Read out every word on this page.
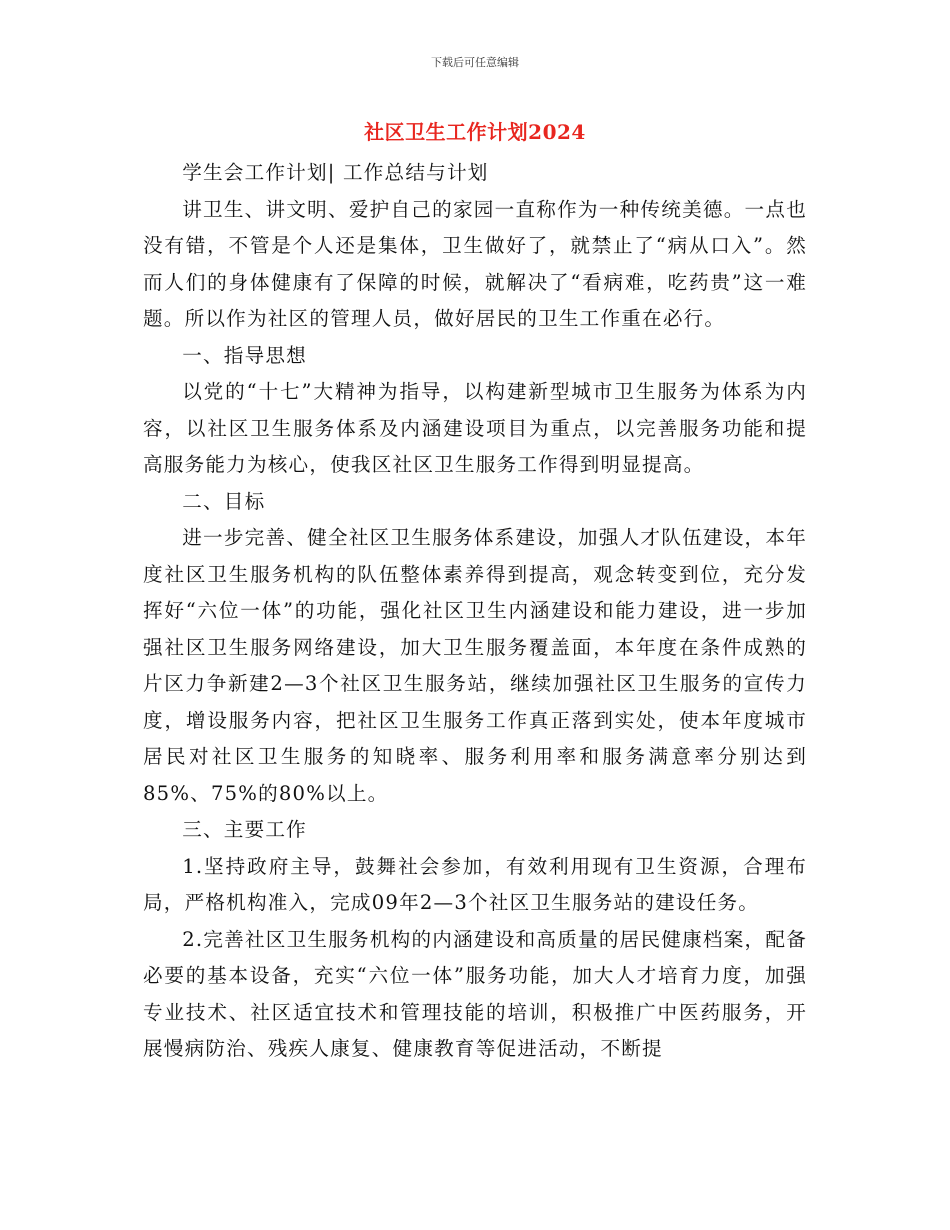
下载后可任意编辑
社区卫生工作计划2024

学生会工作计划| 工作总结与计划

讲卫生、讲文明、爱护自己的家园一直称作为一种传统美德。一点也没有错，不管是个人还是集体，卫生做好了，就禁止了“病从口入”。然而人们的身体健康有了保障的时候，就解决了“看病难，吃药贵”这一难题。所以作为社区的管理人员，做好居民的卫生工作重在必行。

一、指导思想

以党的“十七”大精神为指导，以构建新型城市卫生服务为体系为内容，以社区卫生服务体系及内涵建设项目为重点，以完善服务功能和提高服务能力为核心，使我区社区卫生服务工作得到明显提高。

二、目标

进一步完善、健全社区卫生服务体系建设，加强人才队伍建设，本年度社区卫生服务机构的队伍整体素养得到提高，观念转变到位，充分发挥好“六位一体”的功能，强化社区卫生内涵建设和能力建设，进一步加强社区卫生服务网络建设，加大卫生服务覆盖面，本年度在条件成熟的片区力争新建2—3个社区卫生服务站，继续加强社区卫生服务的宣传力度，增设服务内容，把社区卫生服务工作真正落到实处，使本年度城市居民对社区卫生服务的知晓率、服务利用率和服务满意率分别达到85%、75%的80%以上。

三、主要工作

1.坚持政府主导，鼓舞社会参加，有效利用现有卫生资源，合理布局，严格机构准入，完成09年2—3个社区卫生服务站的建设任务。

2.完善社区卫生服务机构的内涵建设和高质量的居民健康档案，配备必要的基本设备，充实“六位一体”服务功能，加大人才培育力度，加强专业技术、社区适宜技术和管理技能的培训，积极推广中医药服务，开展慢病防治、残疾人康复、健康教育等促进活动，不断提
